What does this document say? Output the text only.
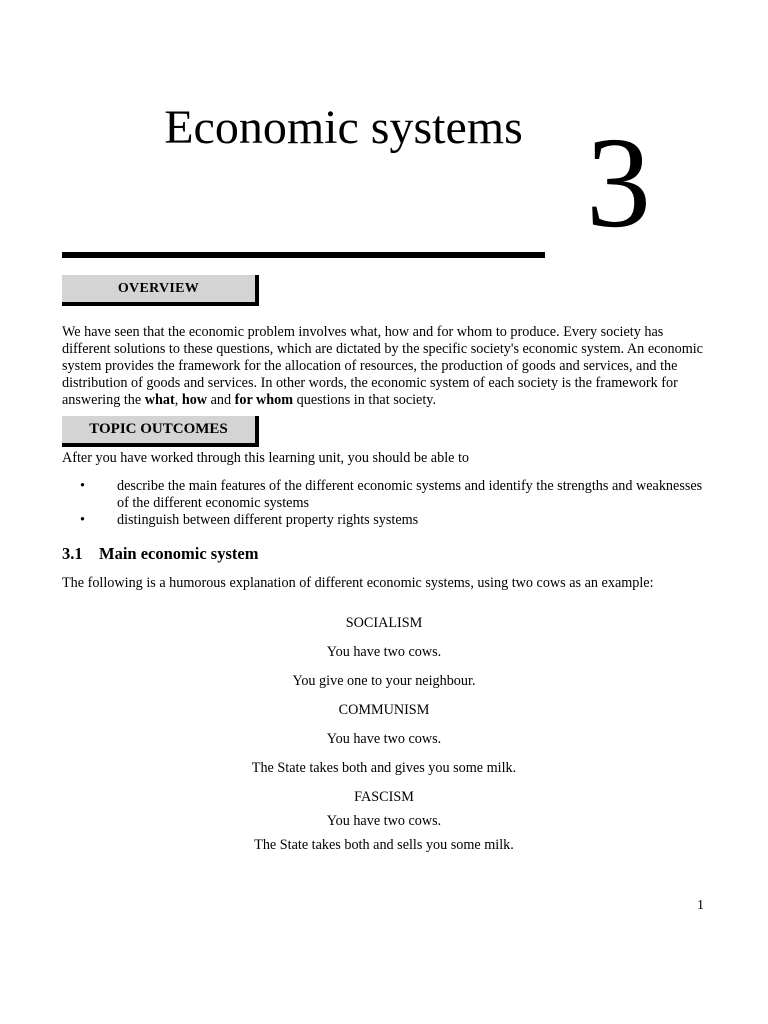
Economic systems 3
OVERVIEW
We have seen that the economic problem involves what, how and for whom to produce. Every society has different solutions to these questions, which are dictated by the specific society's economic system. An economic system provides the framework for the allocation of resources, the production of goods and services, and the distribution of goods and services. In other words, the economic system of each society is the framework for answering the what, how and for whom questions in that society.
TOPIC OUTCOMES
After you have worked through this learning unit, you should be able to
• describe the main features of the different economic systems and identify the strengths and weaknesses of the different economic systems
• distinguish between different property rights systems
3.1 Main economic system
The following is a humorous explanation of different economic systems, using two cows as an example:
SOCIALISM
You have two cows.
You give one to your neighbour.
COMMUNISM
You have two cows.
The State takes both and gives you some milk.
FASCISM
You have two cows.
The State takes both and sells you some milk.
1
